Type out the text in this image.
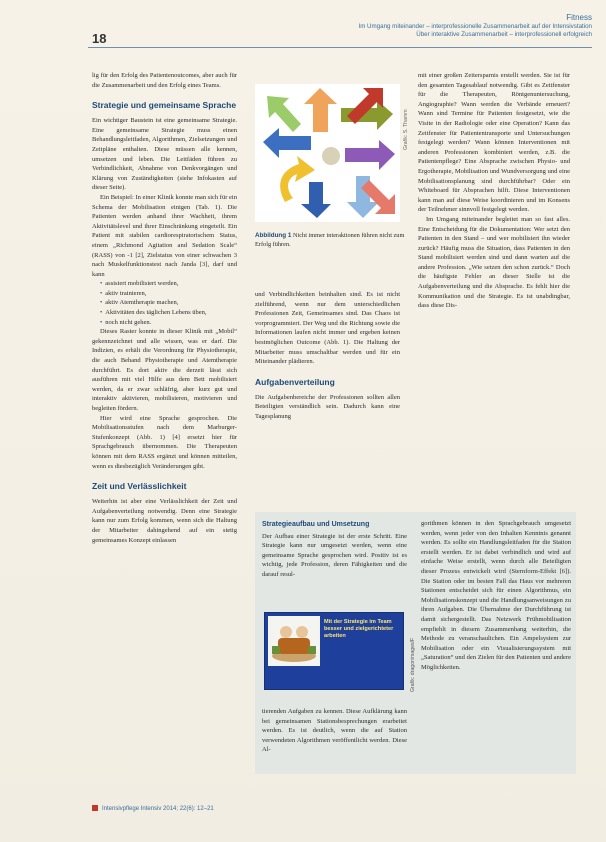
18
Fitness
Im Umgang miteinander – interprofessionelle Zusammenarbeit auf der Intensivstation
Über interaktive Zusammenarbeit – interprofessionell erfolgreich

lig für den Erfolg des Patientenoutcomes, aber auch für die Zusammenarbeit und den Erfolg eines Teams.

Strategie und gemeinsame Sprache

Ein wichtiger Baustein ist eine gemeinsame Strategie. Eine gemeinsame Strategie muss einen Behandlungsleitfaden, Algorithmen, Zielsetzungen und Zeitpläne enthalten. Diese müssen alle kennen, umsetzen und leben. Die Leitfäden führen zu Verbindlichkeit, Abnahme von Denkvorgängen und Klärung von Zuständigkeiten (siehe Infokasten auf dieser Seite).

Ein Beispiel: In einer Klinik konnte man sich für ein Schema der Mobilisation einigen (Tab. 1). Die Patienten werden anhand ihrer Wachheit, ihrem Aktivitätslevel und ihrer Einschränkung eingeteilt. Ein Patient mit stabilen cardiorespiratorischem Status, einem „Richmond Agitation and Sedation Scale“ (RASS) von -1 [2], Zielstatus von einer schwachen 3 nach Muskelfunktionstest nach Janda [3], darf und kann

• assisiert mobilisiert werden,
• aktiv trainieren,
• aktiv Atemtherapie machen,
• Aktivitäten des täglichen Lebens üben,
• noch nicht gehen.

Dieses Raster konnte in dieser Klinik mit „Mobil“ gekennzeichnet und alle wissen, was er darf. Die Indizien, es erhält die Verordnung für Physiotherapie, die auch Behand Physiotherapie und Atemtherapie durchführt. Es dort aktiv die derzeit lässt sich ausführen mit viel Hilfe aus dem Bett mobilisiert werden, da er zwar schläfrig, aber kurz gut und interaktiv aktivieren, mobilisieren, motivieren und begleiten fördern.

Hier wird eine Sprache gesprochen. Die Mobilisationsstufen nach dem Marburger-Stufenkonzept (Abb. 1) [4] ersetzt hier für Sprachgebrauch übernommen. Die Therapeuten können mit dem RASS ergänzt und können mitteilen, wenn es diesbezüglich Veränderungen gibt.

Zeit und Verlässlichkeit

Weiterhin ist aber eine Verlässlichkeit der Zeit und Aufgabenverteilung notwendig. Denn eine Strategie kann nur zum Erfolg kommen, wenn sich die Haltung der Mitarbeiter dahingehend auf ein stetig gemeinsames Konzept einlassen

Grafik: S. Thamm
Abbildung 1 Nicht immer interaktionen führen nicht zum Erfolg führen.

und Verbindlichkeiten beinhalten sind. Es ist nicht zielführend, wenn nur dem unterschiedlichen Professionen Zeit, Gemeinsames sind. Das Chaos ist vorprogrammiert. Der Weg und die Richtung sowie die Informationen laufen nicht immer und ergeben keinen bestmöglichen Outcome (Abb. 1). Die Haltung der Mitarbeiter muss umschaltbar werden und für ein Miteinander plädieren.

Aufgabenverteilung

Die Aufgabenbereiche der Professionen sollten allen Beteiligten verständlich sein. Dadurch kann eine Tagesplanung

mit einer großen Zeitersparnis erstellt werden. Sie ist für den gesamten Tagesablauf notwendig. Gibt es Zeitfenster für die Therapeuten, Röntgenuntersuchung, Angiographie? Wann werden die Verbände erneuert? Wann sind Termine für Patienten festgesetzt, wie die Visite in der Radiologie oder eine Operation? Kann das Zeitfenster für Patiententransporte und Untersuchungen festgelegt werden? Wann können Interventionen mit anderen Professionen kombiniert werden, z.B. die Patientenpflege? Eine Absprache zwischen Physio- und Ergotherapie, Mobilisation und Wundversorgung und eine Mobilisationsplanung sind durchführbar? Oder ein Whiteboard für Absprachen hilft. Diese Interventionen kann man auf diese Weise koordinieren und im Konsens der Teilnehmer sinnvoll festgelegt werden.

Im Umgang miteinander begleitet man so fast alles. Eine Entscheidung für die Dokumentation: Wer setzt den Patienten in den Stand – und wer mobilisiert ihn wieder zurück? Häufig muss die Situation, dass Patienten in den Stand mobilisiert werden sind und dann warten auf die andere Profession. „Wie setzen den schon zurück.“ Doch die häufigste Fehler an dieser Stelle ist die Aufgabenverteilung und die Absprache. Es fehlt hier die Kommunikation und die Strategie. Es ist unabdingbar, dass diese Dis-

Strategieaufbau und Umsetzung

Der Aufbau einer Strategie ist der erste Schritt. Eine Strategie kann nur umgesetzt werden, wenn eine gemeinsame Sprache gesprochen wird. Positiv ist es wichtig, jede Profession, deren Fähigkeiten und die darauf resul-

Mit der Strategie im Team besser und zielgerichteter arbeiten
Grafik: dragonimages/F

tierenden Aufgaben zu kennen. Diese Aufklärung kann bei gemeinsamen Stationsbesprechungen erarbeitet werden. Es ist deutlich, wenn die auf Station verwendeten Algorithmen veröffentlicht werden. Diese Al-

gorithmen können in den Sprachgebrauch umgesetzt werden, wenn jeder von den Inhalten Kenntnis genannt werden. Es sollte ein Handlungsleitfaden für die Station erstellt werden. Er ist dabei verbindlich und wird auf einfache Weise erstellt, wenn durch alle Beteiligten dieser Prozess entwickelt wird (Sternform-Effekt [6]). Die Station oder im besten Fall das Haus vor mehreren Stationen entscheidet sich für einen Algorithmus, ein Mobilisationskonzept und die Handlungsanweisungen zu ihren Aufgaben. Die Übernahme der Durchführung ist damit sichergestellt. Das Netzwerk Frühmobilisation empfiehlt in diesem Zusammenhang weiterhin, die Methode zu veranschaulichen. Ein Ampelsystem zur Mobilisation oder ein Visualisierungssystem mit „Saturation“ und den Zielen für den Patienten und andere Möglichkeiten.

Intensivpflege Intensiv 2014; 22(6): 12–21
